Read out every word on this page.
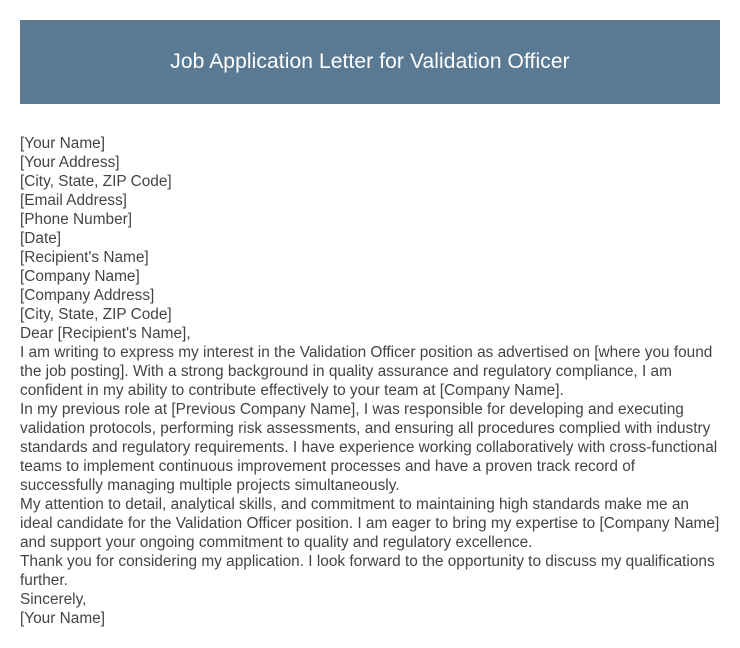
Job Application Letter for Validation Officer
[Your Name]
[Your Address]
[City, State, ZIP Code]
[Email Address]
[Phone Number]
[Date]
[Recipient's Name]
[Company Name]
[Company Address]
[City, State, ZIP Code]
Dear [Recipient's Name],
I am writing to express my interest in the Validation Officer position as advertised on [where you found the job posting]. With a strong background in quality assurance and regulatory compliance, I am confident in my ability to contribute effectively to your team at [Company Name].
In my previous role at [Previous Company Name], I was responsible for developing and executing validation protocols, performing risk assessments, and ensuring all procedures complied with industry standards and regulatory requirements. I have experience working collaboratively with cross-functional teams to implement continuous improvement processes and have a proven track record of successfully managing multiple projects simultaneously.
My attention to detail, analytical skills, and commitment to maintaining high standards make me an ideal candidate for the Validation Officer position. I am eager to bring my expertise to [Company Name] and support your ongoing commitment to quality and regulatory excellence.
Thank you for considering my application. I look forward to the opportunity to discuss my qualifications further.
Sincerely,
[Your Name]
